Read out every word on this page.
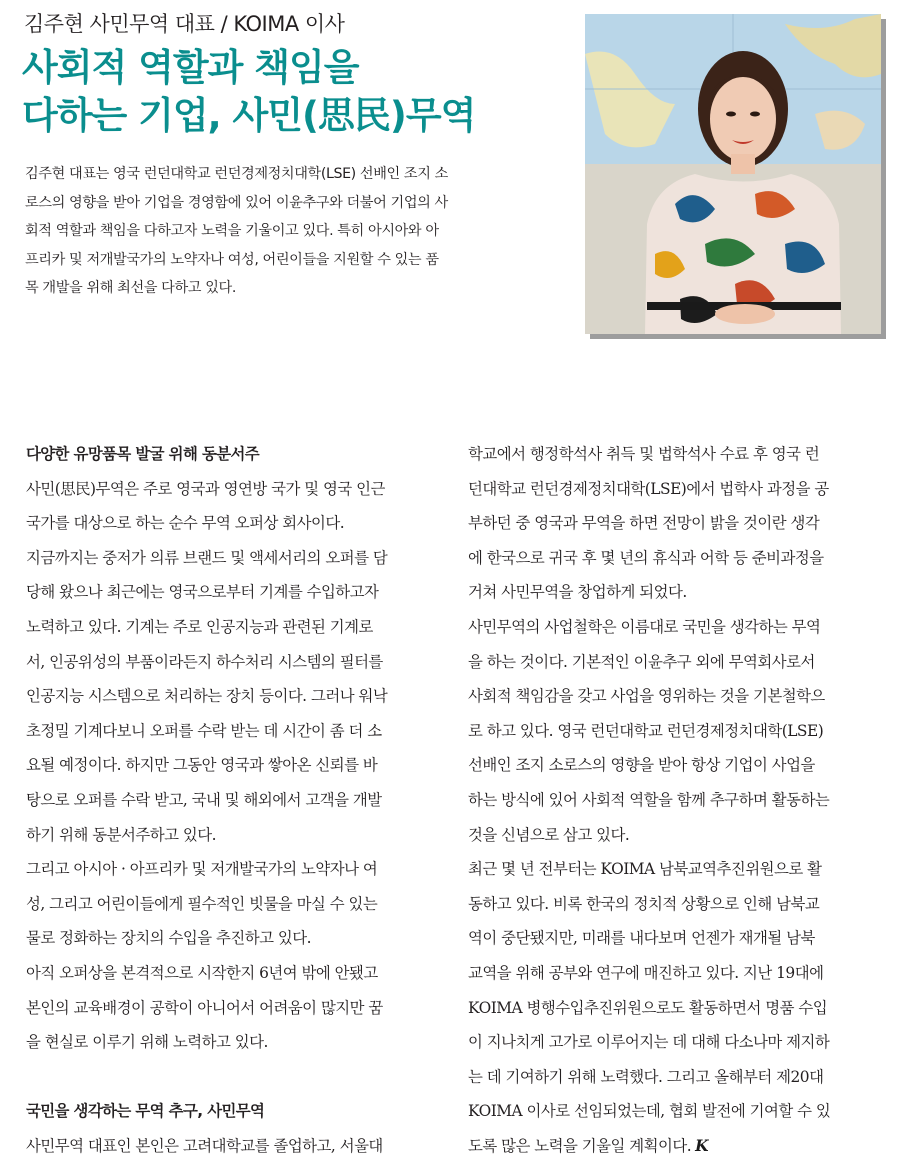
김주현 사민무역 대표 / KOIMA 이사
사회적 역할과 책임을
다하는 기업, 사민(思民)무역
김주현 대표는 영국 런던대학교 런던경제정치대학(LSE) 선배인 조지 소
로스의 영향을 받아 기업을 경영함에 있어 이윤추구와 더불어 기업의 사
회적 역할과 책임을 다하고자 노력을 기울이고 있다. 특히 아시아와 아
프리카 및 저개발국가의 노약자나 여성, 어린이들을 지원할 수 있는 품
목 개발을 위해 최선을 다하고 있다.
다양한 유망품목 발굴 위해 동분서주
사민(思民)무역은 주로 영국과 영연방 국가 및 영국 인근
국가를 대상으로 하는 순수 무역 오퍼상 회사이다.
지금까지는 중저가 의류 브랜드 및 액세서리의 오퍼를 담
당해 왔으나 최근에는 영국으로부터 기계를 수입하고자
노력하고 있다. 기계는 주로 인공지능과 관련된 기계로
서, 인공위성의 부품이라든지 하수처리 시스템의 필터를
인공지능 시스템으로 처리하는 장치 등이다. 그러나 워낙
초정밀 기계다보니 오퍼를 수락 받는 데 시간이 좀 더 소
요될 예정이다. 하지만 그동안 영국과 쌓아온 신뢰를 바
탕으로 오퍼를 수락 받고, 국내 및 해외에서 고객을 개발
하기 위해 동분서주하고 있다.
그리고 아시아 · 아프리카 및 저개발국가의 노약자나 여
성, 그리고 어린이들에게 필수적인 빗물을 마실 수 있는
물로 정화하는 장치의 수입을 추진하고 있다.
아직 오퍼상을 본격적으로 시작한지 6년여 밖에 안됐고
본인의 교육배경이 공학이 아니어서 어려움이 많지만 꿈
을 현실로 이루기 위해 노력하고 있다.
국민을 생각하는 무역 추구, 사민무역
사민무역 대표인 본인은 고려대학교를 졸업하고, 서울대
학교에서 행정학석사 취득 및 법학석사 수료 후 영국 런
던대학교 런던경제정치대학(LSE)에서 법학사 과정을 공
부하던 중 영국과 무역을 하면 전망이 밝을 것이란 생각
에 한국으로 귀국 후 몇 년의 휴식과 어학 등 준비과정을
거쳐 사민무역을 창업하게 되었다.
사민무역의 사업철학은 이름대로 국민을 생각하는 무역
을 하는 것이다. 기본적인 이윤추구 외에 무역회사로서
사회적 책임감을 갖고 사업을 영위하는 것을 기본철학으
로 하고 있다. 영국 런던대학교 런던경제정치대학(LSE)
선배인 조지 소로스의 영향을 받아 항상 기업이 사업을
하는 방식에 있어 사회적 역할을 함께 추구하며 활동하는
것을 신념으로 삼고 있다.
최근 몇 년 전부터는 KOIMA 남북교역추진위원으로 활
동하고 있다. 비록 한국의 정치적 상황으로 인해 남북교
역이 중단됐지만, 미래를 내다보며 언젠가 재개될 남북
교역을 위해 공부와 연구에 매진하고 있다. 지난 19대에
KOIMA 병행수입추진위원으로도 활동하면서 명품 수입
이 지나치게 고가로 이루어지는 데 대해 다소나마 제지하
는 데 기여하기 위해 노력했다. 그리고 올해부터 제20대
KOIMA 이사로 선임되었는데, 협회 발전에 기여할 수 있
도록 많은 노력을 기울일 계획이다. K
